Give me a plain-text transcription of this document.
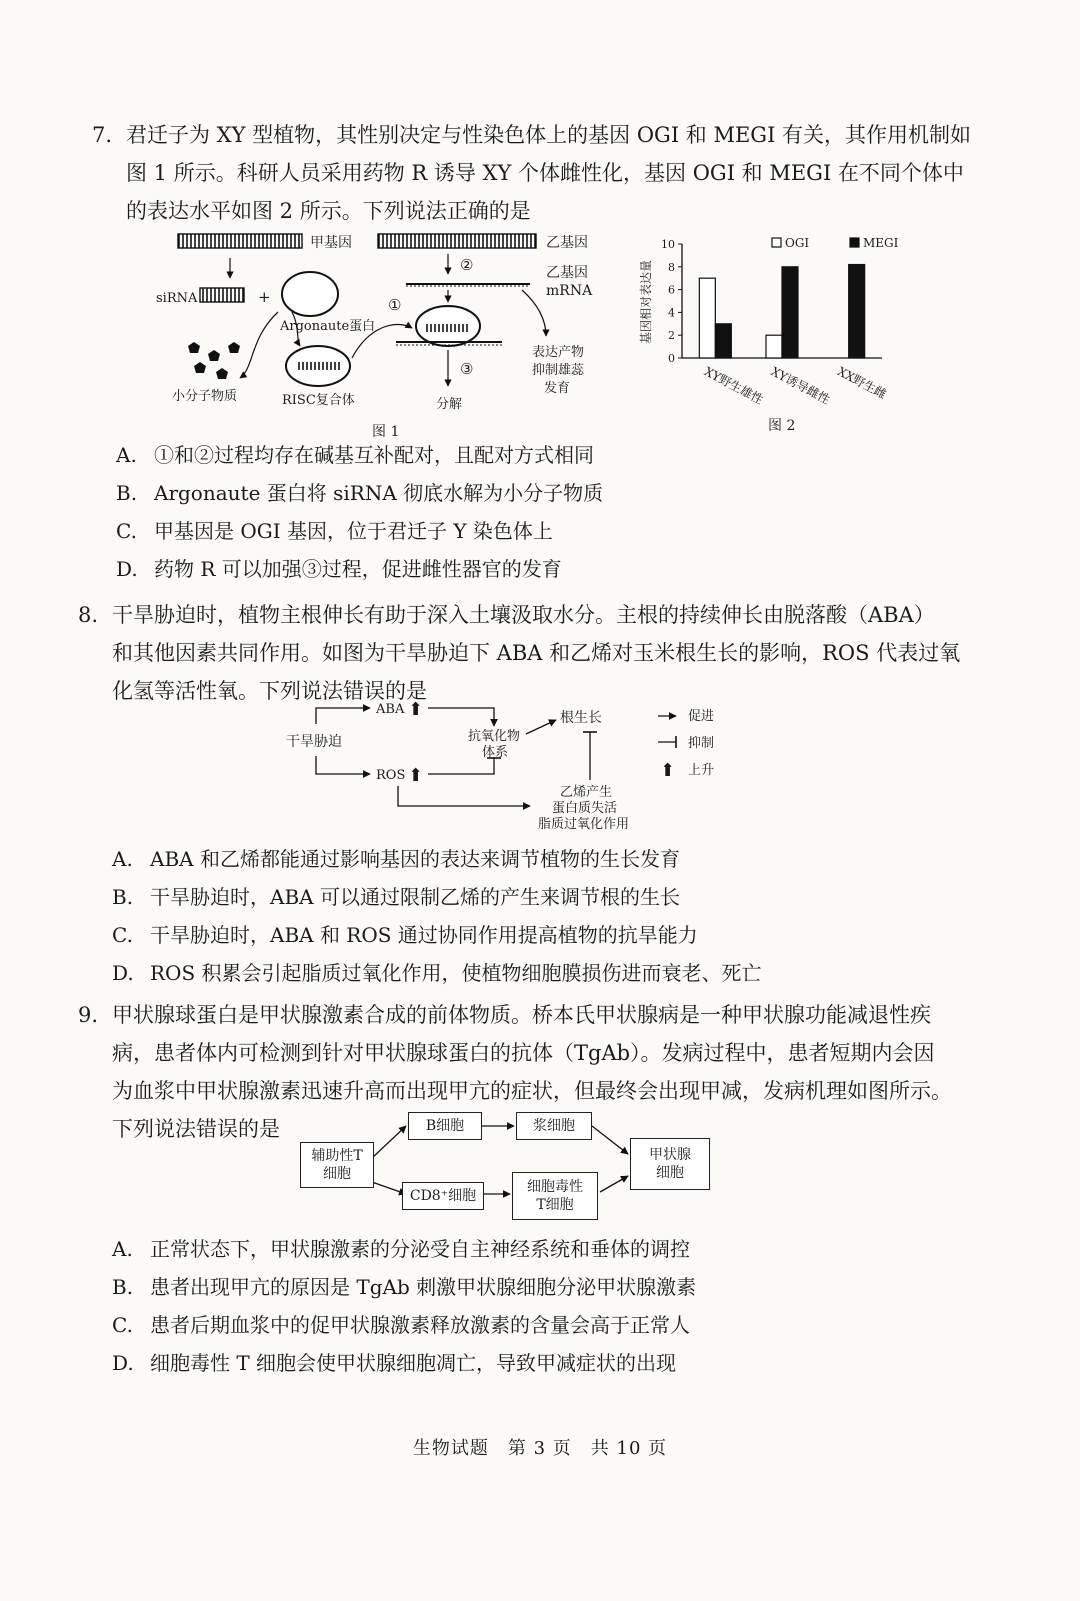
7. 君迁子为 XY 型植物，其性别决定与性染色体上的基因 OGI 和 MEGI 有关，其作用机制如
图 1 所示。科研人员采用药物 R 诱导 XY 个体雌性化，基因 OGI 和 MEGI 在不同个体中
的表达水平如图 2 所示。下列说法正确的是
甲基因
siRNA	+
Argonaute蛋白
小分子物质	RISC复合体
乙基因
②	乙基因
mRNA
①
③
分解
表达产物
抑制雄蕊
发育
图 1
基因相对表达量
0
2
4
6
8
10
XY野生雄性 XY诱导雌性 XX野生雌
OGI	MEGI
图 2
A. ①和②过程均存在碱基互补配对，且配对方式相同
B. Argonaute 蛋白将 siRNA 彻底水解为小分子物质
C. 甲基因是 OGI 基因，位于君迁子 Y 染色体上
D. 药物 R 可以加强③过程，促进雌性器官的发育
8. 干旱胁迫时，植物主根伸长有助于深入土壤汲取水分。主根的持续伸长由脱落酸（ABA）
和其他因素共同作用。如图为干旱胁迫下 ABA 和乙烯对玉米根生长的影响，ROS 代表过氧
化氢等活性氧。下列说法错误的是
干旱胁迫
ABA ⬆
ROS ⬆
抗氧化物
体系
根生长
乙烯产生
蛋白质失活
脂质过氧化作用
促进
抑制
⬆ 上升
A. ABA 和乙烯都能通过影响基因的表达来调节植物的生长发育
B. 干旱胁迫时，ABA 可以通过限制乙烯的产生来调节根的生长
C. 干旱胁迫时，ABA 和 ROS 通过协同作用提高植物的抗旱能力
D. ROS 积累会引起脂质过氧化作用，使植物细胞膜损伤进而衰老、死亡
9. 甲状腺球蛋白是甲状腺激素合成的前体物质。桥本氏甲状腺病是一种甲状腺功能减退性疾
病，患者体内可检测到针对甲状腺球蛋白的抗体（TgAb）。发病过程中，患者短期内会因
为血浆中甲状腺激素迅速升高而出现甲亢的症状，但最终会出现甲减，发病机理如图所示。
下列说法错误的是
辅助性T
细胞
B细胞	浆细胞
CD8⁺细胞
细胞毒性
T细胞
甲状腺
细胞
A. 正常状态下，甲状腺激素的分泌受自主神经系统和垂体的调控
B. 患者出现甲亢的原因是 TgAb 刺激甲状腺细胞分泌甲状腺激素
C. 患者后期血浆中的促甲状腺激素释放激素的含量会高于正常人
D. 细胞毒性 T 细胞会使甲状腺细胞凋亡，导致甲减症状的出现
生物试题　第 3 页　共 10 页
